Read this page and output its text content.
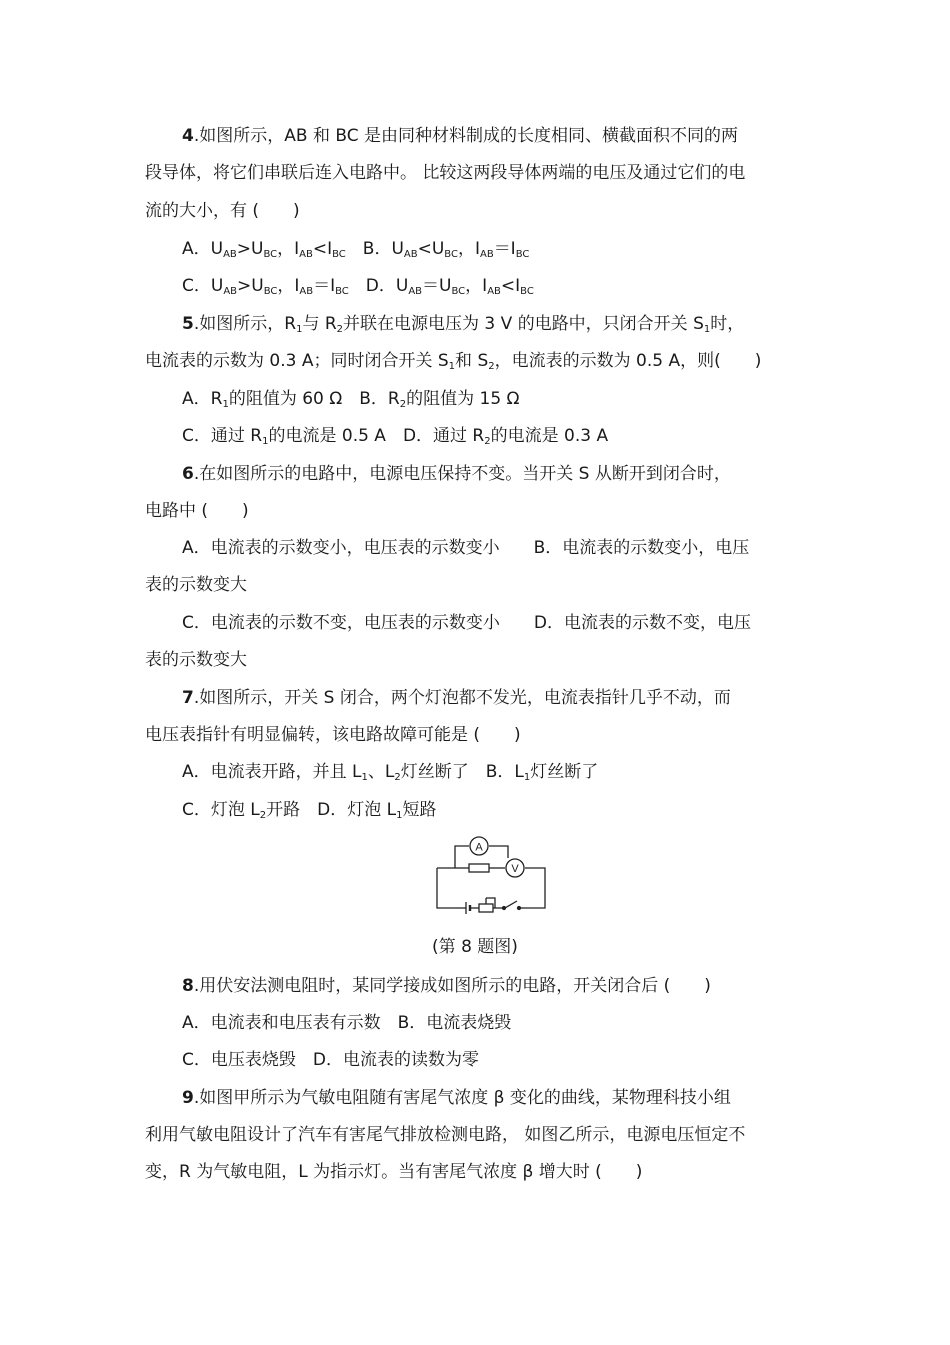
4.如图所示，AB 和 BC 是由同种材料制成的长度相同、横截面积不同的两
段导体，将它们串联后连入电路中。 比较这两段导体两端的电压及通过它们的电
流的大小，有 (　　)
A．$U_{AB}>U_{BC}$，$I_{AB}<I_{BC}$　B．$U_{AB}<U_{BC}$，$I_{AB}=I_{BC}$
C．$U_{AB}>U_{BC}$，$I_{AB}=I_{BC}$　D．$U_{AB}=U_{BC}$，$I_{AB}<I_{BC}$
5.如图所示，$R_1$与 $R_2$并联在电源电压为 3 V 的电路中，只闭合开关 $S_1$时，
电流表的示数为 0.3 A；同时闭合开关 $S_1$和 $S_2$，电流表的示数为 0.5 A，则(　　)
A．$R_1$的阻值为 60 Ω　B．$R_2$的阻值为 15 Ω
C．通过 $R_1$的电流是 0.5 A　D．通过 $R_2$的电流是 0.3 A
6.在如图所示的电路中，电源电压保持不变。当开关 S 从断开到闭合时，
电路中 (　　)
A．电流表的示数变小，电压表的示数变小　　B．电流表的示数变小，电压
表的示数变大
C．电流表的示数不变，电压表的示数变小　　D．电流表的示数不变，电压
表的示数变大
7.如图所示，开关 S 闭合，两个灯泡都不发光，电流表指针几乎不动，而
电压表指针有明显偏转，该电路故障可能是 (　　)
A．电流表开路，并且 $L_1$、$L_2$灯丝断了　B．$L_1$灯丝断了
C．灯泡 $L_2$开路　D．灯泡 $L_1$短路
A
V
(第 8 题图)
8.用伏安法测电阻时，某同学接成如图所示的电路，开关闭合后 (　　)
A．电流表和电压表有示数　B．电流表烧毁
C．电压表烧毁　D．电流表的读数为零
9.如图甲所示为气敏电阻随有害尾气浓度 β 变化的曲线，某物理科技小组
利用气敏电阻设计了汽车有害尾气排放检测电路， 如图乙所示，电源电压恒定不
变，R 为气敏电阻，L 为指示灯。当有害尾气浓度 β 增大时 (　　)
